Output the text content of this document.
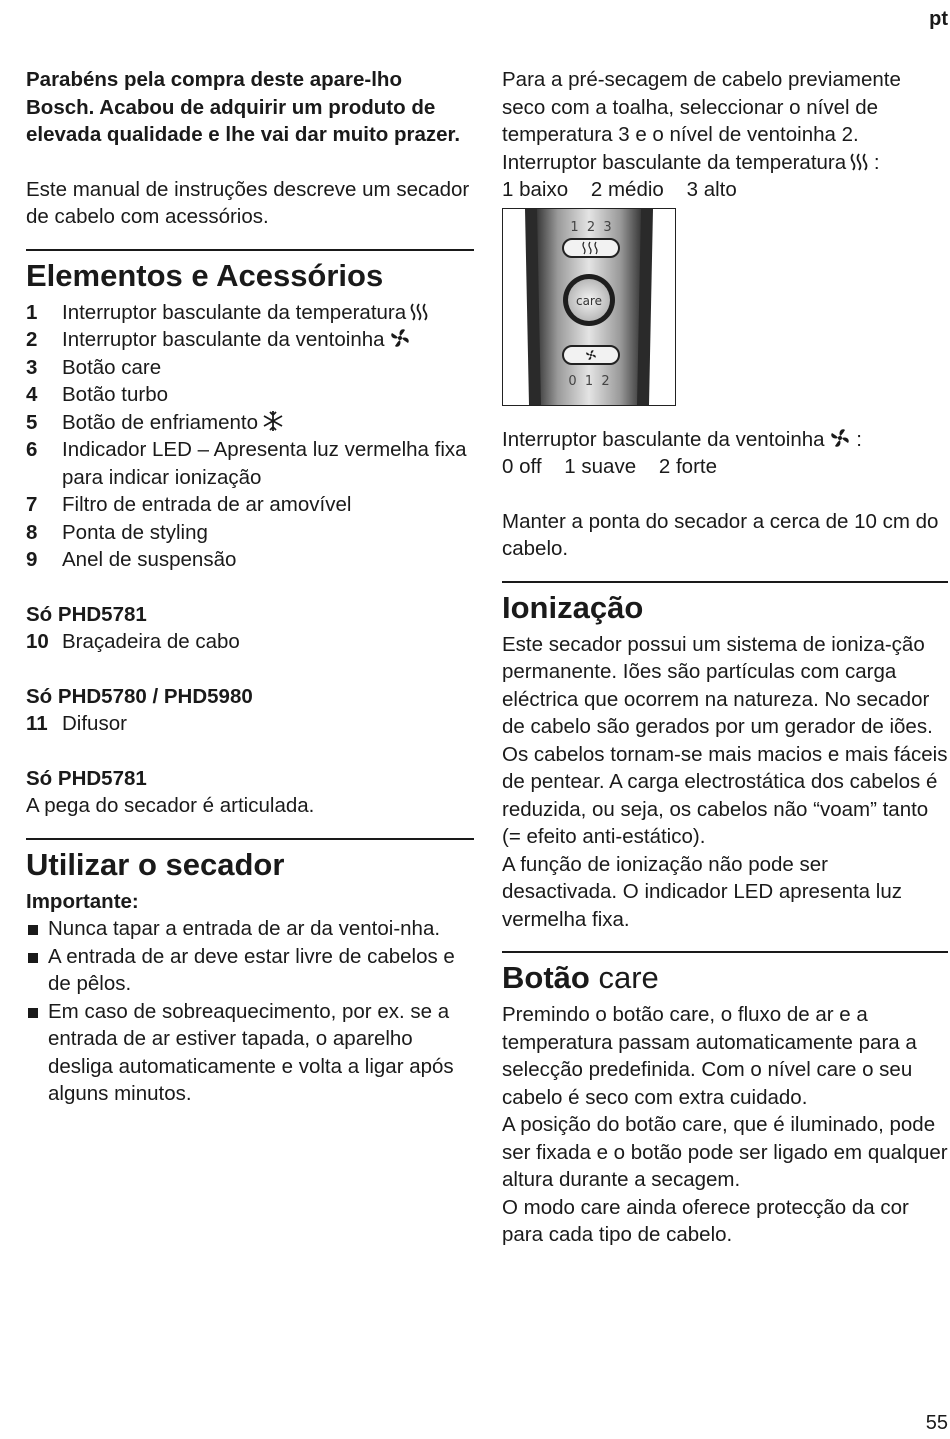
pt

Parabéns pela compra deste apare-lho Bosch. Acabou de adquirir um produto de elevada qualidade e lhe vai dar muito prazer.

Este manual de instruções descreve um secador de cabelo com acessórios.

Elementos e Acessórios
1	Interruptor basculante da temperatura
2	Interruptor basculante da ventoinha
3	Botão care
4	Botão turbo
5	Botão de enfriamento
6	Indicador LED – Apresenta luz vermelha fixa para indicar ionização
7	Filtro de entrada de ar amovível
8	Ponta de styling
9	Anel de suspensão

Só PHD5781

10 Braçadeira de cabo

Só PHD5780 / PHD5980

11 Difusor

Só PHD5781

A pega do secador é articulada.

Utilizar o secador

Importante:

Nunca tapar a entrada de ar da ventoi-nha.
A entrada de ar deve estar livre de cabelos e de pêlos.
Em caso de sobreaquecimento, por ex. se a entrada de ar estiver tapada, o aparelho desliga automaticamente e volta a ligar após alguns minutos.

Para a pré-secagem de cabelo previamente seco com a toalha, seleccionar o nível de temperatura 3 e o nível de ventoinha 2.

Interruptor basculante da temperatura :

1 baixo    2 médio    3 alto

1  2  3
care
0  1  2

Interruptor basculante da ventoinha :

0 off    1 suave    2 forte

Manter a ponta do secador a cerca de 10 cm do cabelo.

Ionização

Este secador possui um sistema de ioniza-ção permanente. Iões são partículas com carga eléctrica que ocorrem na natureza. No secador de cabelo são gerados por um gerador de iões.

Os cabelos tornam-se mais macios e mais fáceis de pentear. A carga electrostática dos cabelos é reduzida, ou seja, os cabelos não “voam” tanto (= efeito anti-estático).

A função de ionização não pode ser desactivada. O indicador LED apresenta luz vermelha fixa.

Botão care

Premindo o botão care, o fluxo de ar e a temperatura passam automaticamente para a selecção predefinida. Com o nível care o seu cabelo é seco com extra cuidado.

A posição do botão care, que é iluminado, pode ser fixada e o botão pode ser ligado em qualquer altura durante a secagem.

O modo care ainda oferece protecção da cor para cada tipo de cabelo.

55
